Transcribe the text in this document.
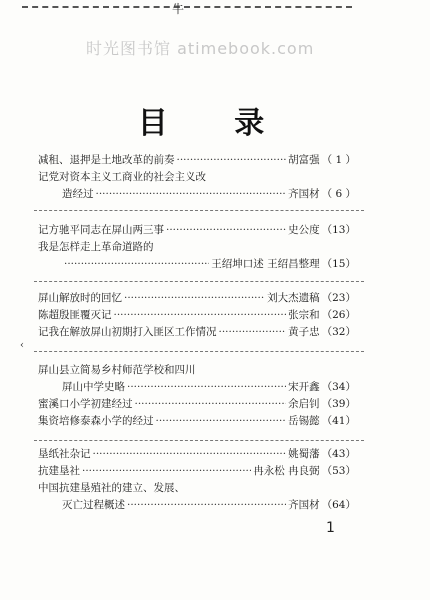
牛
时光图书馆 atimebook.com
目 录
‹
减租、退押是土地改革的前奏 ·····	胡富强 （ 1 ）
记党对资本主义工商业的社会主义改
造经过 ·····	齐国材 （ 6 ）
记方驰平同志在屏山两三事 ·····	史公度 （13）
我是怎样走上革命道路的
·····
王绍坤口述 王绍昌整理 （15）
屏山解放时的回忆 ·····	刘大杰遗稿 （23）
陈超殷匪覆灭记 ·····	张宗和 （26）
记我在解放屏山初期打入匪区工作情况 ·····	黄子忠 （32）
屏山县立简易乡村师范学校和四川
屏山中学史略 ·····	宋开鑫 （34）
蜜溪口小学初建经过 ·····	余启钊 （39）
集资培修泰森小学的经过 ·····	岳锡懿 （41）
垦纸社杂记 ·····	姚蜀藩 （43）
抗建垦社 ·····	冉永松 冉良弼 （53）
中国抗建垦殖社的建立、发展、
灭亡过程概述 ·····	齐国材 （64）
1
